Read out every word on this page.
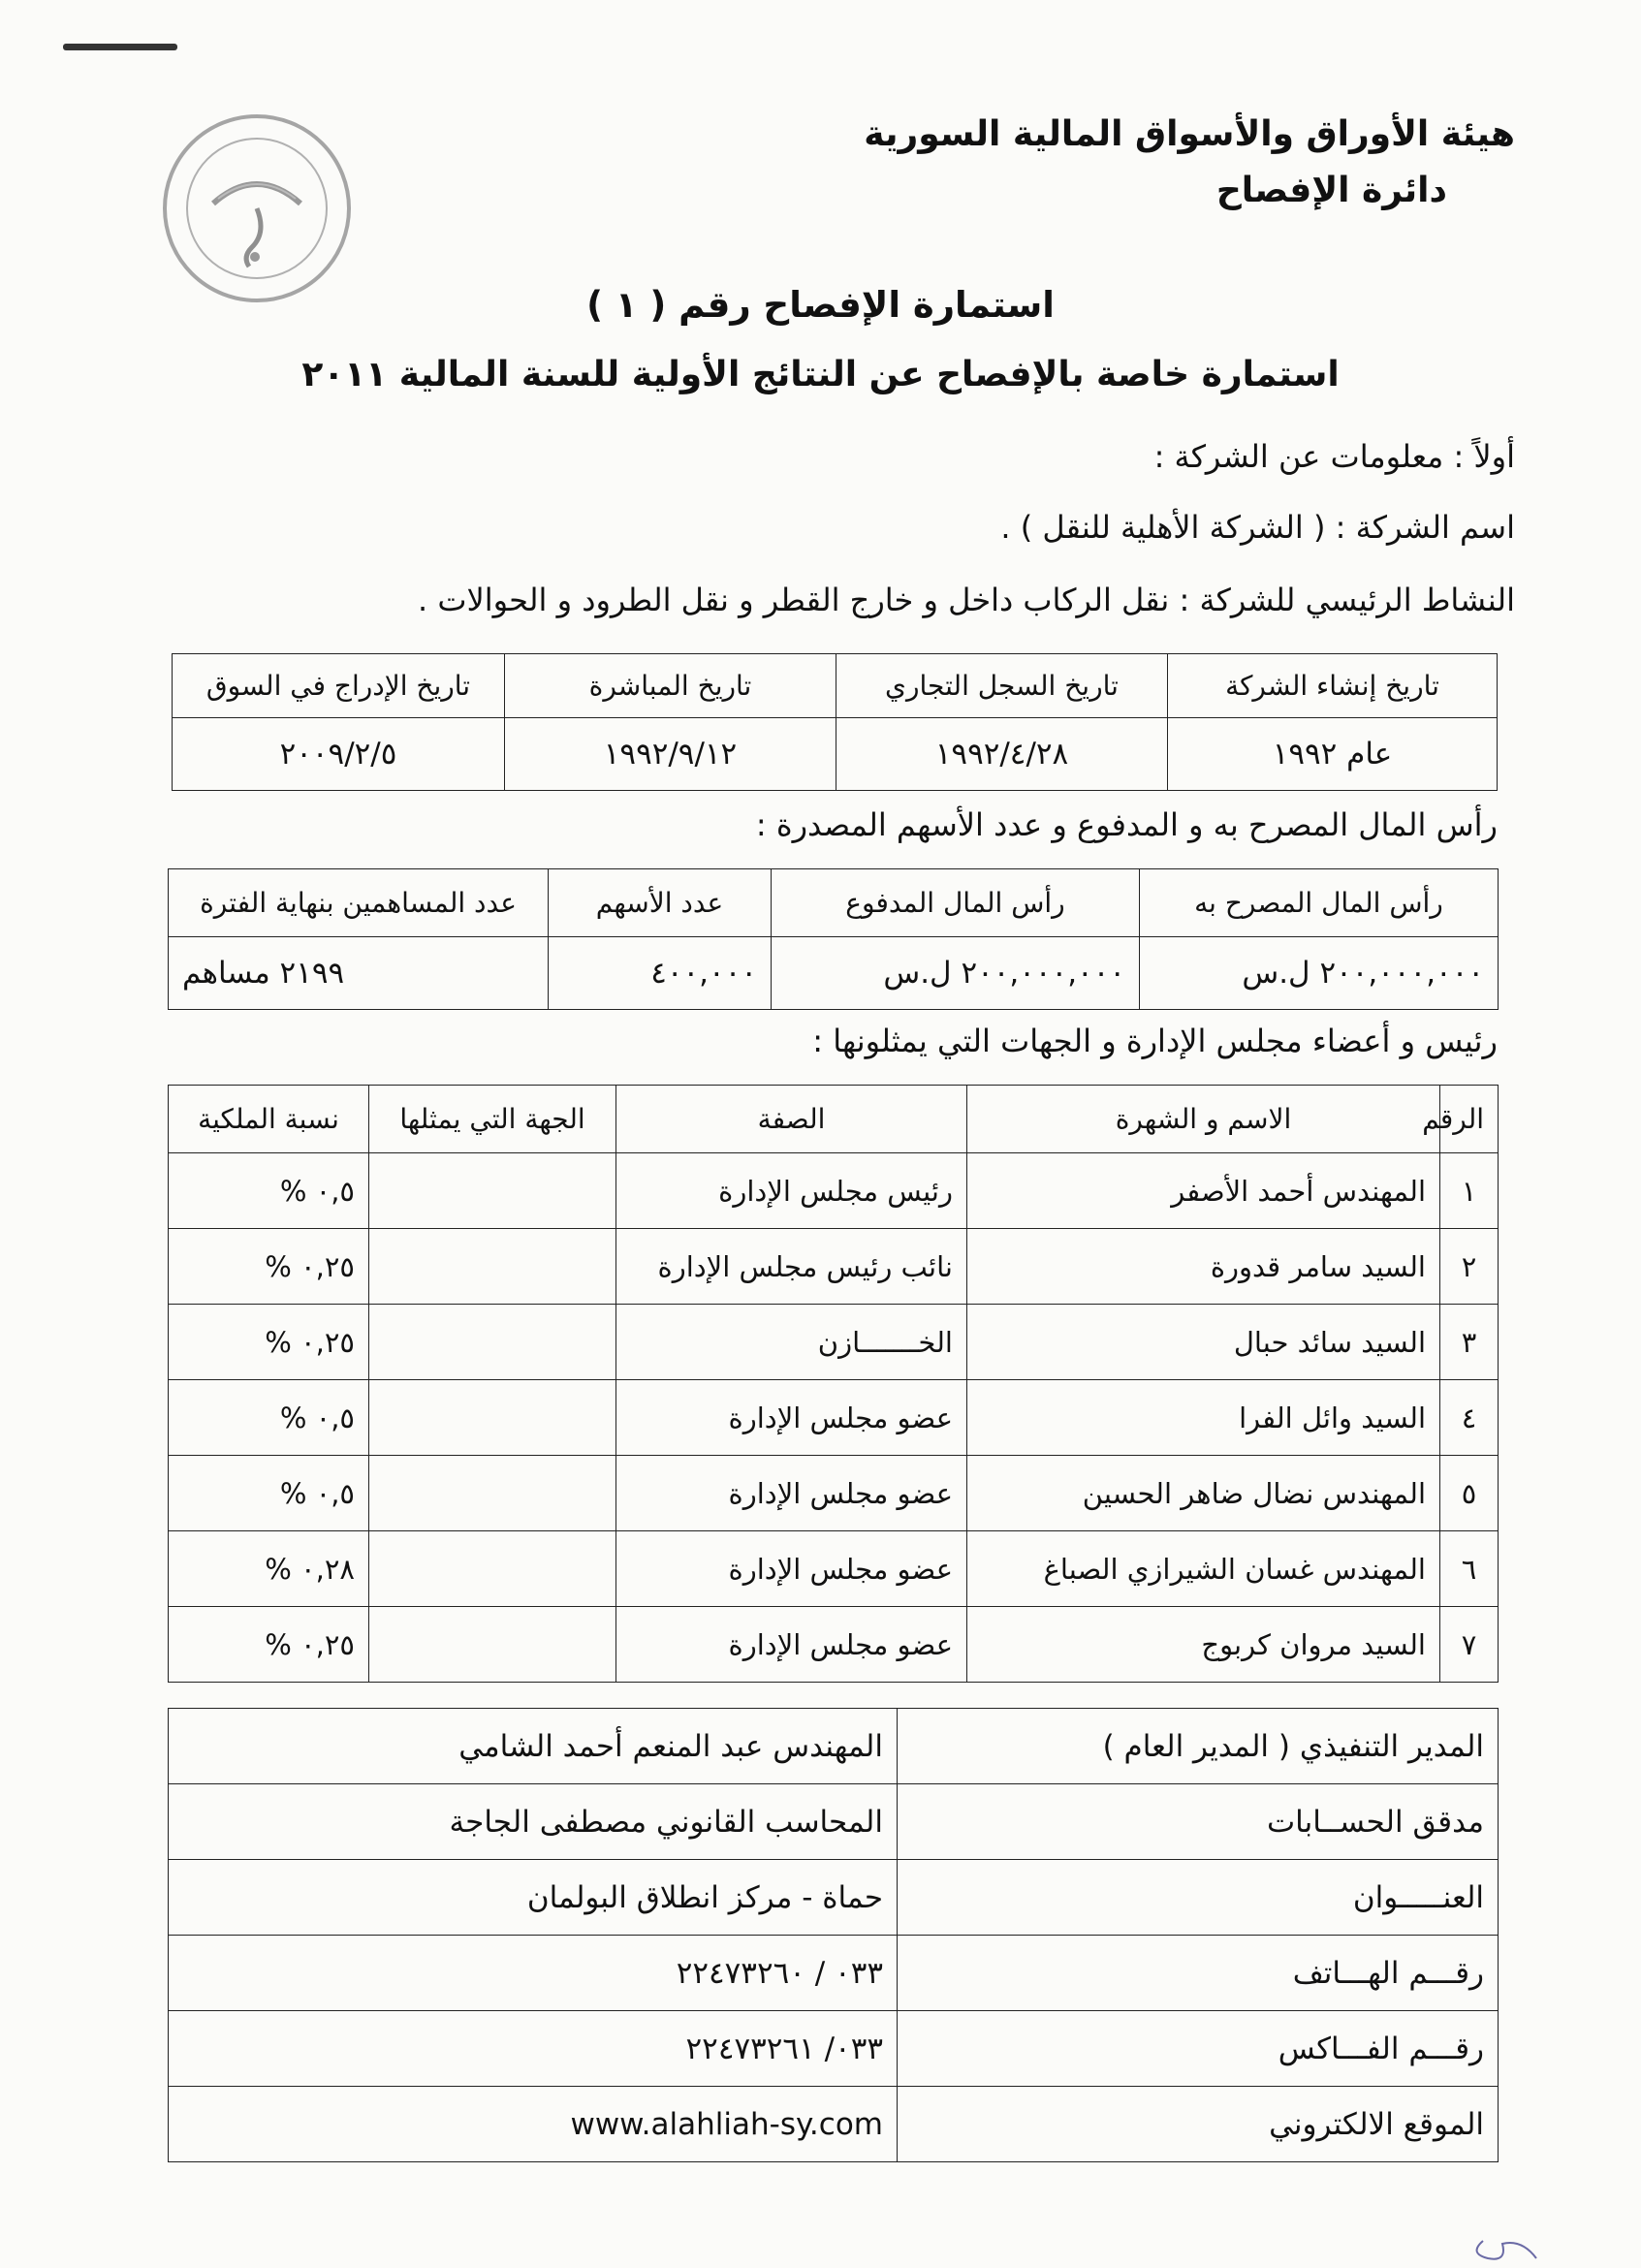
هيئة الأوراق والأسواق المالية السورية
دائرة الإفصاح
استمارة الإفصاح رقم ( ١ )
استمارة خاصة بالإفصاح عن النتائج الأولية للسنة المالية ٢٠١١
أولاً : معلومات عن الشركة :
اسم الشركة : ( الشركة الأهلية للنقل ) .
النشاط الرئيسي للشركة : نقل الركاب داخل و خارج القطر و نقل الطرود و الحوالات .
تاريخ إنشاء الشركة	تاريخ السجل التجاري	تاريخ المباشرة	تاريخ الإدراج في السوق
عام ١٩٩٢	١٩٩٢/٤/٢٨	١٩٩٢/٩/١٢	٢٠٠٩/٢/٥
رأس المال المصرح به و المدفوع و عدد الأسهم المصدرة :
رأس المال المصرح به	رأس المال المدفوع	عدد الأسهم	عدد المساهمين بنهاية الفترة
٢٠٠,٠٠٠,٠٠٠ ل.س	٢٠٠,٠٠٠,٠٠٠ ل.س	٤٠٠,٠٠٠	٢١٩٩ مساهم
رئيس و أعضاء مجلس الإدارة و الجهات التي يمثلونها :
الرقم	الاسم و الشهرة	الصفة	الجهة التي يمثلها	نسبة الملكية
١	المهندس أحمد الأصفر	رئيس مجلس الإدارة		٠,٥ %
٢	السيد سامر قدورة	نائب رئيس مجلس الإدارة		٠,٢٥ %
٣	السيد سائد حبال	الخـــــــازن		٠,٢٥ %
٤	السيد وائل الفرا	عضو مجلس الإدارة		٠,٥ %
٥	المهندس نضال ضاهر الحسين	عضو مجلس الإدارة		٠,٥ %
٦	المهندس غسان الشيرازي الصباغ	عضو مجلس الإدارة		٠,٢٨ %
٧	السيد مروان كربوج	عضو مجلس الإدارة		٠,٢٥ %
المدير التنفيذي ( المدير العام )	المهندس عبد المنعم أحمد الشامي
مدقق الحســابات	المحاسب القانوني مصطفى الجاجة
العنـــــوان	حماة - مركز انطلاق البولمان
رقـــم الهـــاتف	٠٣٣ / ٢٢٤٧٣٢٦٠
رقـــم الفـــاكس	٠٣٣/ ٢٢٤٧٣٢٦١
الموقع الالكتروني	www.alahliah-sy.com
